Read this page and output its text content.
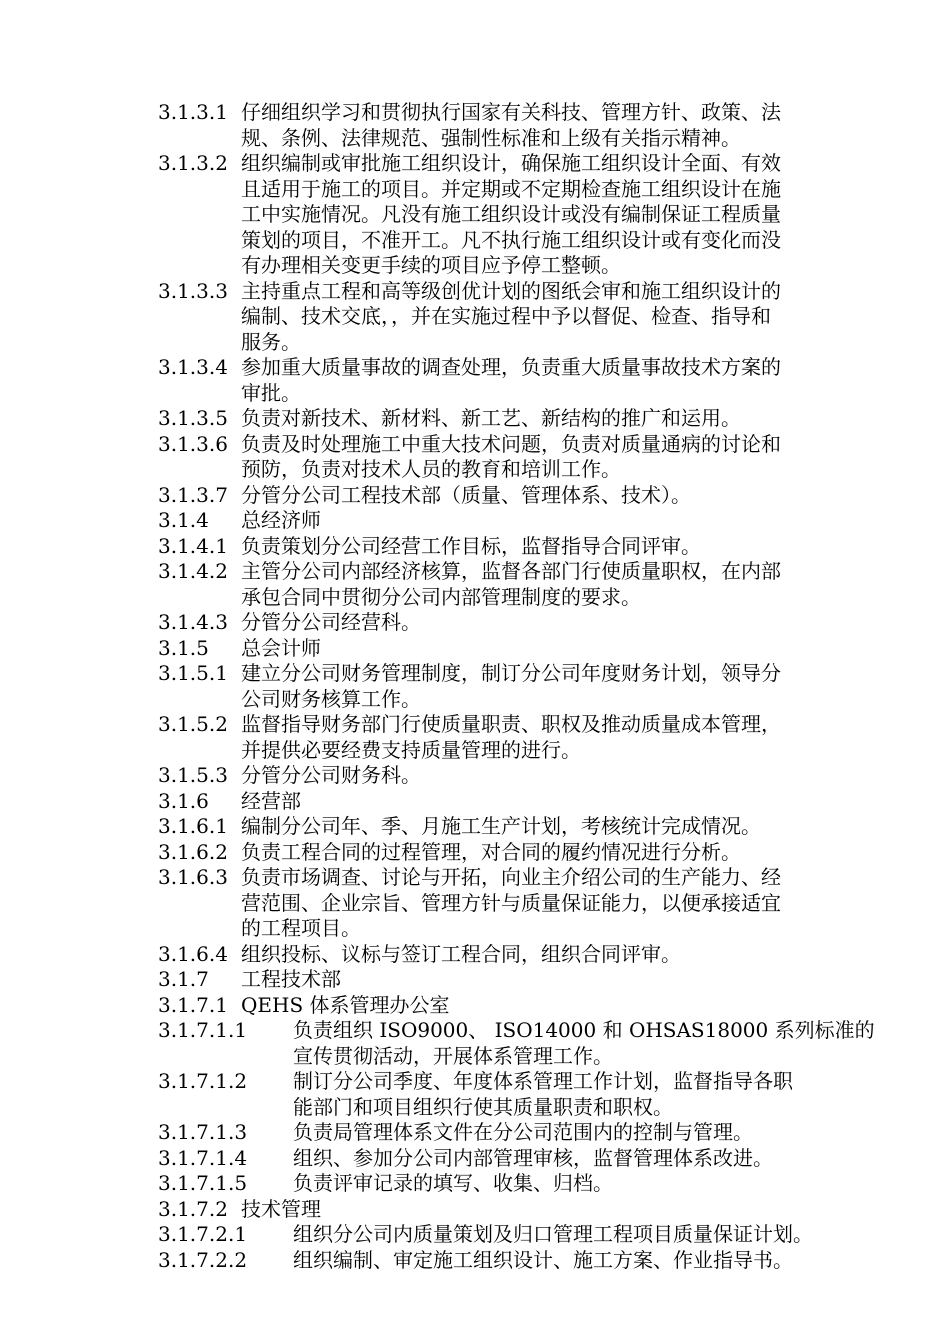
3.1.3.1 仔细组织学习和贯彻执行国家有关科技、管理方针、政策、法
规、条例、法律规范、强制性标准和上级有关指示精神。
3.1.3.2 组织编制或审批施工组织设计，确保施工组织设计全面、有效
且适用于施工的项目。并定期或不定期检查施工组织设计在施
工中实施情况。凡没有施工组织设计或没有编制保证工程质量
策划的项目，不准开工。凡不执行施工组织设计或有变化而没
有办理相关变更手续的项目应予停工整顿。
3.1.3.3 主持重点工程和高等级创优计划的图纸会审和施工组织设计的
编制、技术交底，，并在实施过程中予以督促、检查、指导和
服务。
3.1.3.4 参加重大质量事故的调查处理，负责重大质量事故技术方案的
审批。
3.1.3.5 负责对新技术、新材料、新工艺、新结构的推广和运用。
3.1.3.6 负责及时处理施工中重大技术问题，负责对质量通病的讨论和
预防，负责对技术人员的教育和培训工作。
3.1.3.7 分管分公司工程技术部（质量、管理体系、技术）。
3.1.4	总经济师
3.1.4.1 负责策划分公司经营工作目标，监督指导合同评审。
3.1.4.2 主管分公司内部经济核算，监督各部门行使质量职权，在内部
承包合同中贯彻分公司内部管理制度的要求。
3.1.4.3 分管分公司经营科。
3.1.5	总会计师
3.1.5.1 建立分公司财务管理制度，制订分公司年度财务计划，领导分
公司财务核算工作。
3.1.5.2 监督指导财务部门行使质量职责、职权及推动质量成本管理，
并提供必要经费支持质量管理的进行。
3.1.5.3 分管分公司财务科。
3.1.6	经营部
3.1.6.1 编制分公司年、季、月施工生产计划，考核统计完成情况。
3.1.6.2 负责工程合同的过程管理，对合同的履约情况进行分析。
3.1.6.3 负责市场调查、讨论与开拓，向业主介绍公司的生产能力、经
营范围、企业宗旨、管理方针与质量保证能力，以便承接适宜
的工程项目。
3.1.6.4 组织投标、议标与签订工程合同，组织合同评审。
3.1.7	工程技术部
3.1.7.1 QEHS 体系管理办公室
3.1.7.1.1	负责组织 ISO9000、 ISO14000 和 OHSAS18000 系列标准的
宣传贯彻活动，开展体系管理工作。
3.1.7.1.2	制订分公司季度、年度体系管理工作计划，监督指导各职
能部门和项目组织行使其质量职责和职权。
3.1.7.1.3	负责局管理体系文件在分公司范围内的控制与管理。
3.1.7.1.4	组织、参加分公司内部管理审核，监督管理体系改进。
3.1.7.1.5	负责评审记录的填写、收集、归档。
3.1.7.2 技术管理
3.1.7.2.1	组织分公司内质量策划及归口管理工程项目质量保证计划。
3.1.7.2.2	组织编制、审定施工组织设计、施工方案、作业指导书。
